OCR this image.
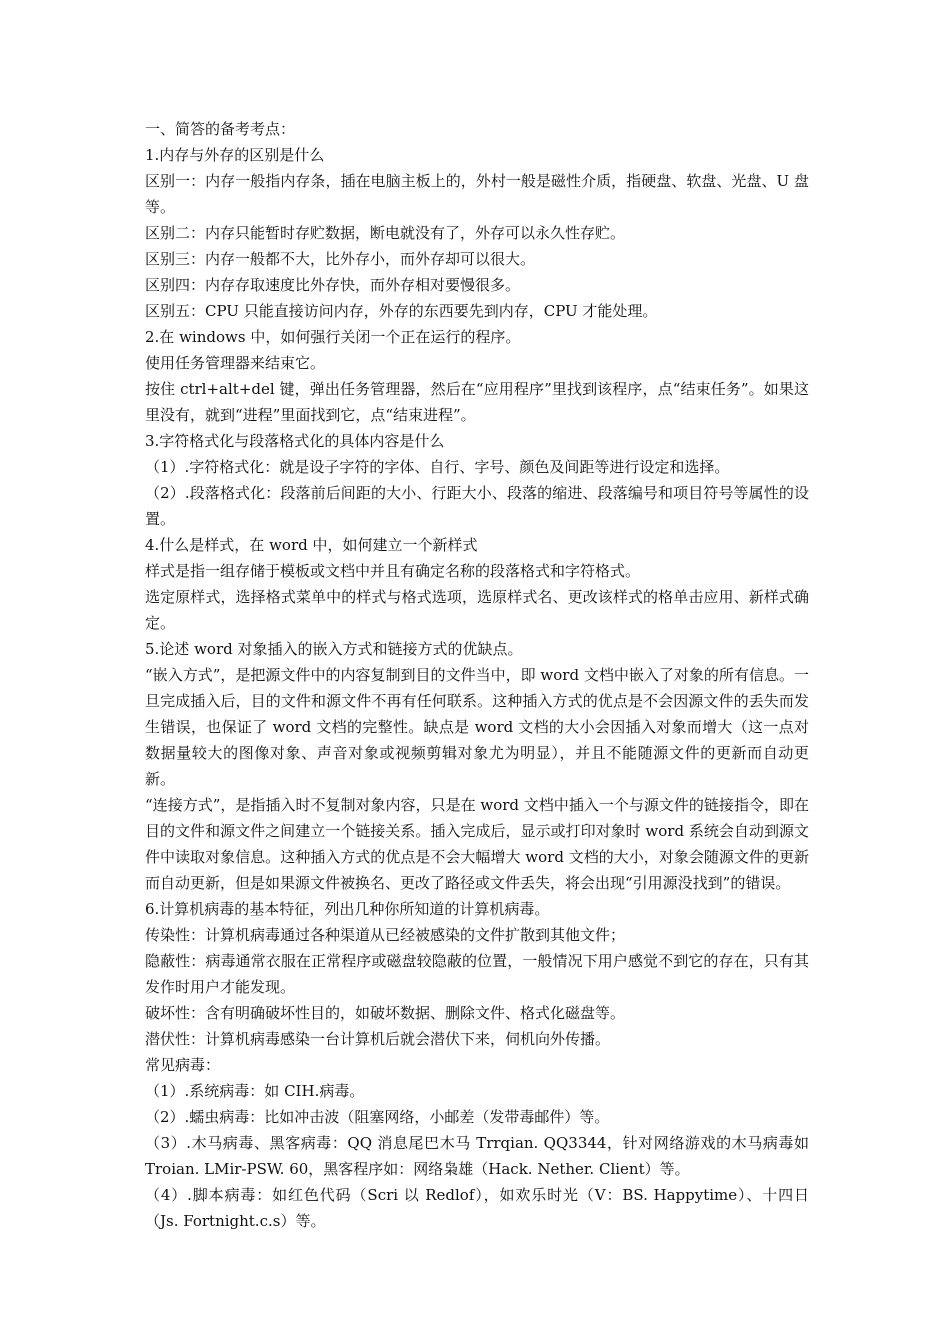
一、简答的备考考点：

1.内存与外存的区别是什么

区别一：内存一般指内存条，插在电脑主板上的，外村一般是磁性介质，指硬盘、软盘、光盘、U 盘等。

区别二：内存只能暂时存贮数据，断电就没有了，外存可以永久性存贮。

区别三：内存一般都不大，比外存小，而外存却可以很大。

区别四：内存存取速度比外存快，而外存相对要慢很多。

区别五：CPU 只能直接访问内存，外存的东西要先到内存，CPU 才能处理。

2.在 windows 中，如何强行关闭一个正在运行的程序。

使用任务管理器来结束它。

按住 ctrl+alt+del 键，弹出任务管理器，然后在“应用程序”里找到该程序，点“结束任务”。如果这里没有，就到“进程”里面找到它，点“结束进程”。

3.字符格式化与段落格式化的具体内容是什么

（1）.字符格式化：就是设子字符的字体、自行、字号、颜色及间距等进行设定和选择。

（2）.段落格式化：段落前后间距的大小、行距大小、段落的缩进、段落编号和项目符号等属性的设置。

4.什么是样式，在 word 中，如何建立一个新样式

样式是指一组存储于模板或文档中并且有确定名称的段落格式和字符格式。

选定原样式，选择格式菜单中的样式与格式选项，选原样式名、更改该样式的格单击应用、新样式确定。

5.论述 word 对象插入的嵌入方式和链接方式的优缺点。

“嵌入方式”，是把源文件中的内容复制到目的文件当中，即 word 文档中嵌入了对象的所有信息。一旦完成插入后，目的文件和源文件不再有任何联系。这种插入方式的优点是不会因源文件的丢失而发生错误，也保证了 word 文档的完整性。缺点是 word 文档的大小会因插入对象而增大（这一点对数据量较大的图像对象、声音对象或视频剪辑对象尤为明显），并且不能随源文件的更新而自动更新。

“连接方式”，是指插入时不复制对象内容，只是在 word 文档中插入一个与源文件的链接指令，即在目的文件和源文件之间建立一个链接关系。插入完成后，显示或打印对象时 word 系统会自动到源文件中读取对象信息。这种插入方式的优点是不会大幅增大 word 文档的大小，对象会随源文件的更新而自动更新，但是如果源文件被换名、更改了路径或文件丢失，将会出现“引用源没找到”的错误。

6.计算机病毒的基本特征，列出几种你所知道的计算机病毒。

传染性：计算机病毒通过各种渠道从已经被感染的文件扩散到其他文件；

隐蔽性：病毒通常衣服在正常程序或磁盘较隐蔽的位置，一般情况下用户感觉不到它的存在，只有其发作时用户才能发现。

破坏性：含有明确破坏性目的，如破坏数据、删除文件、格式化磁盘等。

潜伏性：计算机病毒感染一台计算机后就会潜伏下来，伺机向外传播。

常见病毒：

（1）.系统病毒：如 CIH.病毒。

（2）.蠕虫病毒：比如冲击波（阻塞网络，小邮差（发带毒邮件）等。

（3）.木马病毒、黑客病毒：QQ 消息尾巴木马 Trrqian. QQ3344，针对网络游戏的木马病毒如 Troian. LMir-PSW. 60，黑客程序如：网络枭雄（Hack. Nether. Client）等。

（4）.脚本病毒：如红色代码（Scri 以 Redlof），如欢乐时光（V：BS. Happytime）、十四日（Js. Fortnight.c.s）等。
